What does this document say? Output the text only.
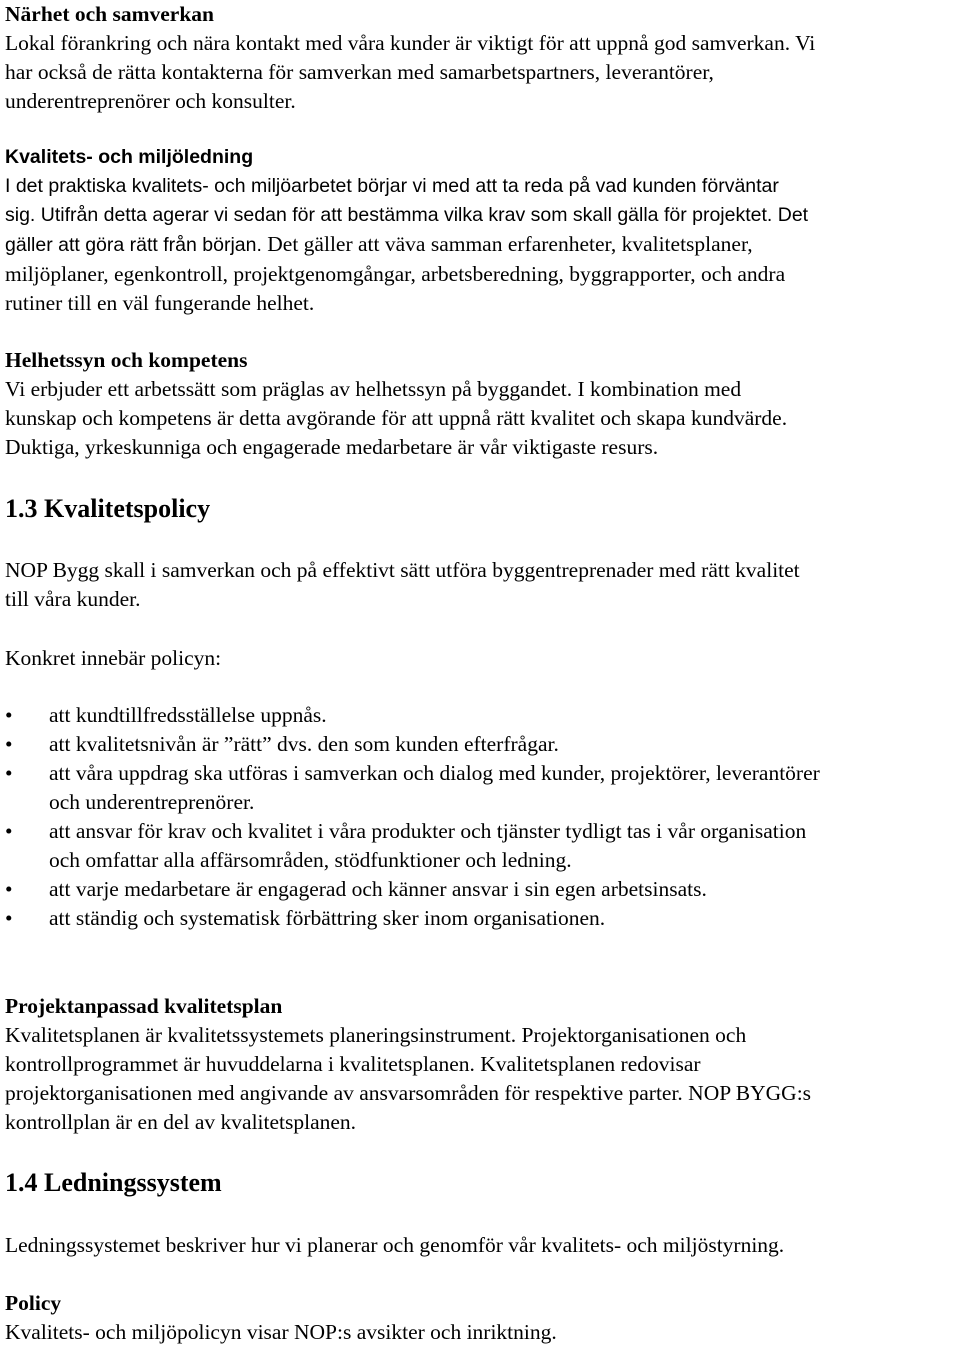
Närhet och samverkan
Lokal förankring och nära kontakt med våra kunder är viktigt för att uppnå god samverkan. Vi
har också de rätta kontakterna för samverkan med samarbetspartners, leverantörer,
underentreprenörer och konsulter.
Kvalitets- och miljöledning
I det praktiska kvalitets- och miljöarbetet börjar vi med att ta reda på vad kunden förväntar
sig. Utifrån detta agerar vi sedan för att bestämma vilka krav som skall gälla för projektet. Det
gäller att göra rätt från början. Det gäller att väva samman erfarenheter, kvalitetsplaner,
miljöplaner, egenkontroll, projektgenomgångar, arbetsberedning, byggrapporter, och andra
rutiner till en väl fungerande helhet.
Helhetssyn och kompetens
Vi erbjuder ett arbetssätt som präglas av helhetssyn på byggandet. I kombination med
kunskap och kompetens är detta avgörande för att uppnå rätt kvalitet och skapa kundvärde.
Duktiga, yrkeskunniga och engagerade medarbetare är vår viktigaste resurs.
1.3 Kvalitetspolicy
NOP Bygg skall i samverkan och på effektivt sätt utföra byggentreprenader med rätt kvalitet
till våra kunder.
Konkret innebär policyn:
• att kundtillfredsställelse uppnås.
• att kvalitetsnivån är ”rätt” dvs. den som kunden efterfrågar.
• att våra uppdrag ska utföras i samverkan och dialog med kunder, projektörer, leverantörer
och underentreprenörer.
• att ansvar för krav och kvalitet i våra produkter och tjänster tydligt tas i vår organisation
och omfattar alla affärsområden, stödfunktioner och ledning.
• att varje medarbetare är engagerad och känner ansvar i sin egen arbetsinsats.
• att ständig och systematisk förbättring sker inom organisationen.
Projektanpassad kvalitetsplan
Kvalitetsplanen är kvalitetssystemets planeringsinstrument. Projektorganisationen och
kontrollprogrammet är huvuddelarna i kvalitetsplanen. Kvalitetsplanen redovisar
projektorganisationen med angivande av ansvarsområden för respektive parter. NOP BYGG:s
kontrollplan är en del av kvalitetsplanen.
1.4 Ledningssystem
Ledningssystemet beskriver hur vi planerar och genomför vår kvalitets- och miljöstyrning.
Policy
Kvalitets- och miljöpolicyn visar NOP:s avsikter och inriktning.
